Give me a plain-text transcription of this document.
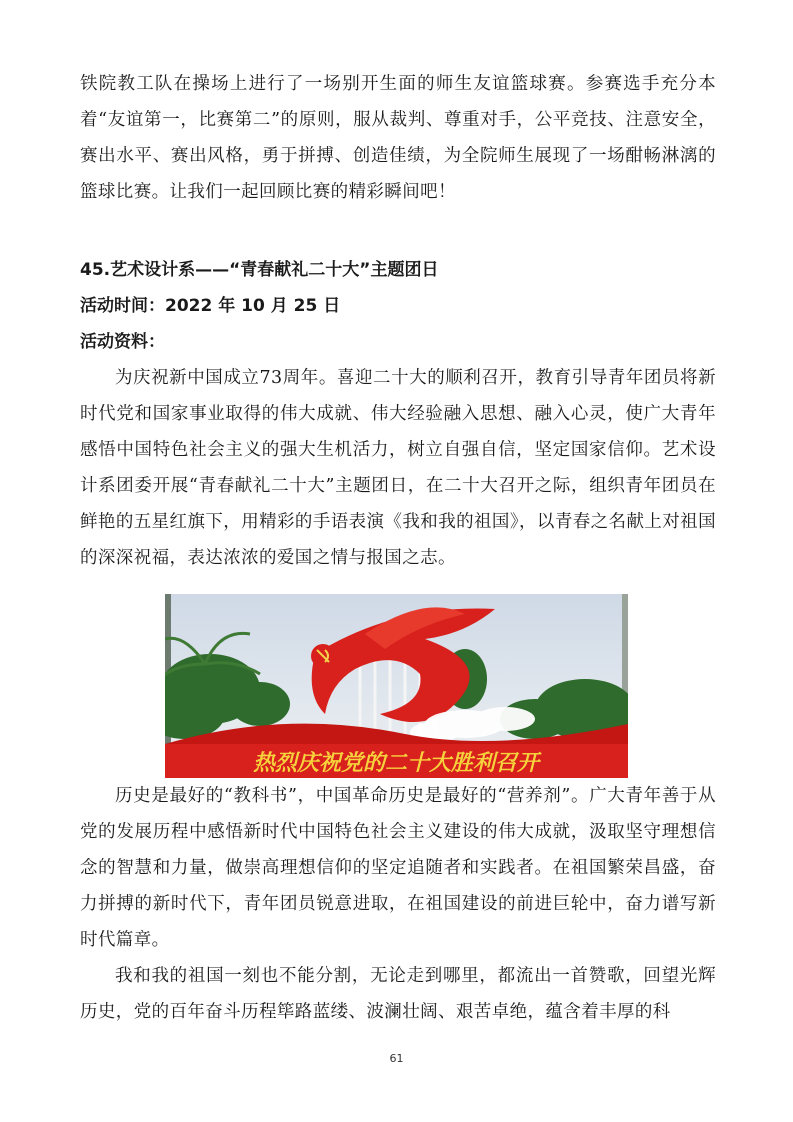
铁院教工队在操场上进行了一场别开生面的师生友谊篮球赛。参赛选手充分本着“友谊第一，比赛第二”的原则，服从裁判、尊重对手，公平竞技、注意安全，赛出水平、赛出风格，勇于拼搏、创造佳绩，为全院师生展现了一场酣畅淋漓的篮球比赛。让我们一起回顾比赛的精彩瞬间吧！

45.艺术设计系——“青春献礼二十大”主题团日
活动时间：2022 年 10 月 25 日
活动资料：

为庆祝新中国成立73周年。喜迎二十大的顺利召开，教育引导青年团员将新时代党和国家事业取得的伟大成就、伟大经验融入思想、融入心灵，使广大青年感悟中国特色社会主义的强大生机活力，树立自强自信，坚定国家信仰。艺术设计系团委开展“青春献礼二十大”主题团日，在二十大召开之际，组织青年团员在鲜艳的五星红旗下，用精彩的手语表演《我和我的祖国》，以青春之名献上对祖国的深深祝福，表达浓浓的爱国之情与报国之志。

热烈庆祝党的二十大胜利召开

历史是最好的“教科书”，中国革命历史是最好的“营养剂”。广大青年善于从党的发展历程中感悟新时代中国特色社会主义建设的伟大成就，汲取坚守理想信念的智慧和力量，做崇高理想信仰的坚定追随者和实践者。在祖国繁荣昌盛，奋力拼搏的新时代下，青年团员锐意进取，在祖国建设的前进巨轮中，奋力谱写新时代篇章。

我和我的祖国一刻也不能分割，无论走到哪里，都流出一首赞歌，回望光辉历史，党的百年奋斗历程筚路蓝缕、波澜壮阔、艰苦卓绝，蕴含着丰厚的科

61
